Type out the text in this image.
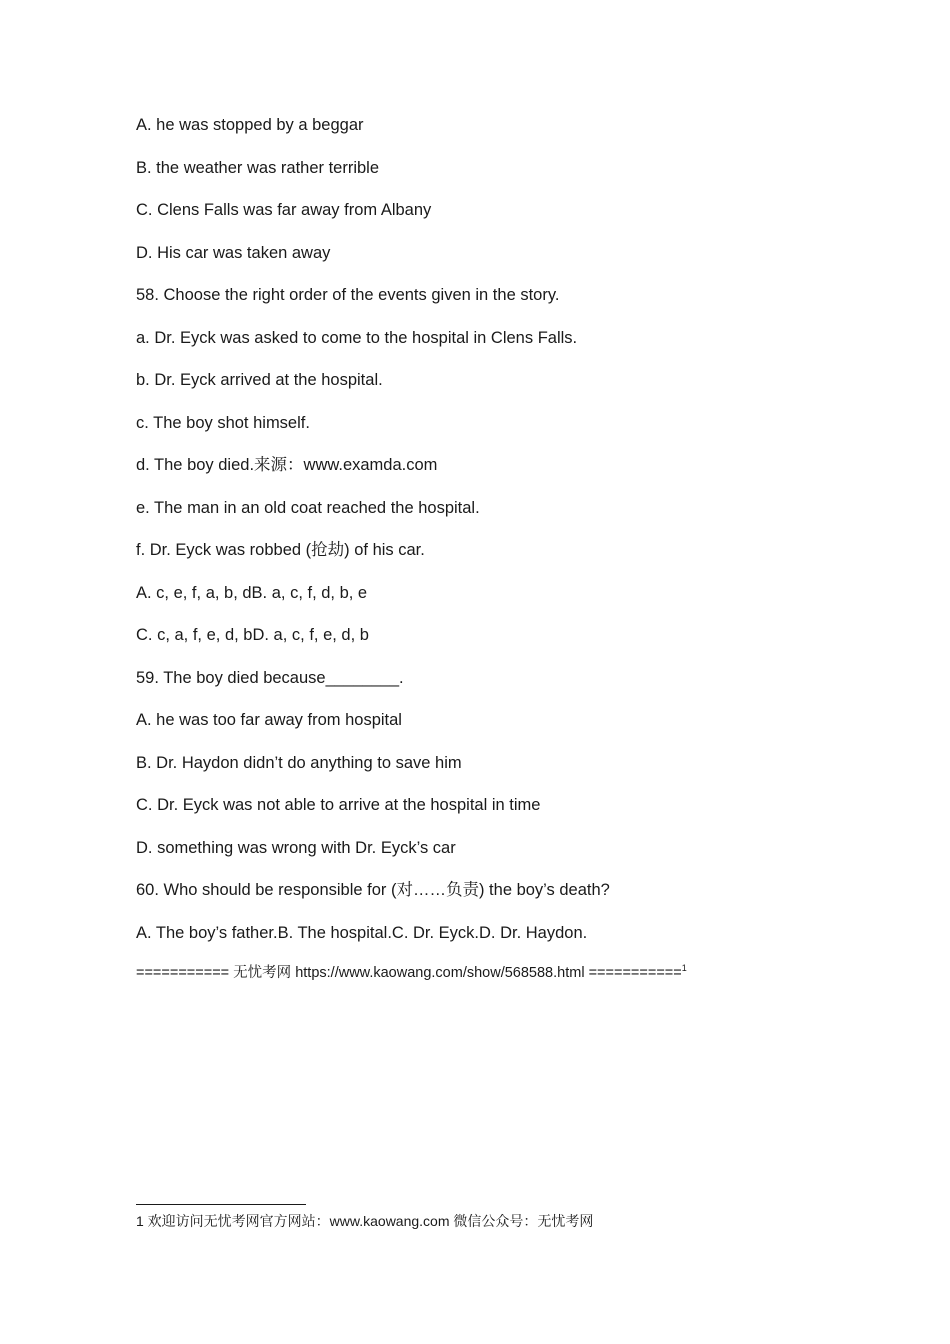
A. he was stopped by a beggar
B. the weather was rather terrible
C. Clens Falls was far away from Albany
D. His car was taken away
58. Choose the right order of the events given in the story.
a. Dr. Eyck was asked to come to the hospital in Clens Falls.
b. Dr. Eyck arrived at the hospital.
c. The boy shot himself.
d. The boy died.来源：www.examda.com
e. The man in an old coat reached the hospital.
f. Dr. Eyck was robbed (抢劫) of his car.
A. c, e, f, a, b, dB. a, c, f, d, b, e
C. c, a, f, e, d, bD. a, c, f, e, d, b
59. The boy died because________.
A. he was too far away from hospital
B. Dr. Haydon didn’t do anything to save him
C. Dr. Eyck was not able to arrive at the hospital in time
D. something was wrong with Dr. Eyck’s car
60. Who should be responsible for (对……负责) the boy’s death?
A. The boy’s father.B. The hospital.C. Dr. Eyck.D. Dr. Haydon.
=========== 无忧考网 https://www.kaowang.com/show/568588.html ===========$^1$
1 欢迎访问无忧考网官方网站：www.kaowang.com 微信公众号：无忧考网
